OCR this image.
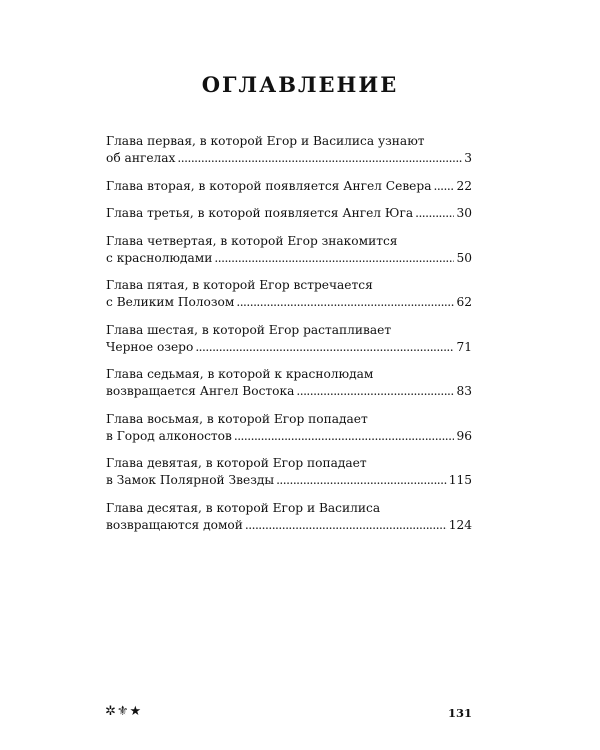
ОГЛАВЛЕНИЕ
Глава первая, в которой Егор и Василиса узнают
об ангелах . . .	3
Глава вторая, в которой появляется Ангел Севера . . . 22
Глава третья, в которой появляется Ангел Юга . . .	30
Глава четвертая, в которой Егор знакомится
с краснолюдами . . .	50
Глава пятая, в которой Егор встречается
с Великим Полозом . . .	62
Глава шестая, в которой Егор растапливает
Черное озеро . . .	71
Глава седьмая, в которой к краснолюдам
возвращается Ангел Востока . . .	83
Глава восьмая, в которой Егор попадает
в Город алконостов . . .	96
Глава девятая, в которой Егор попадает
в Замок Полярной Звезды . . .	115
Глава десятая, в которой Егор и Василиса
возвращаются домой . . .	124
✲⚜★	131
